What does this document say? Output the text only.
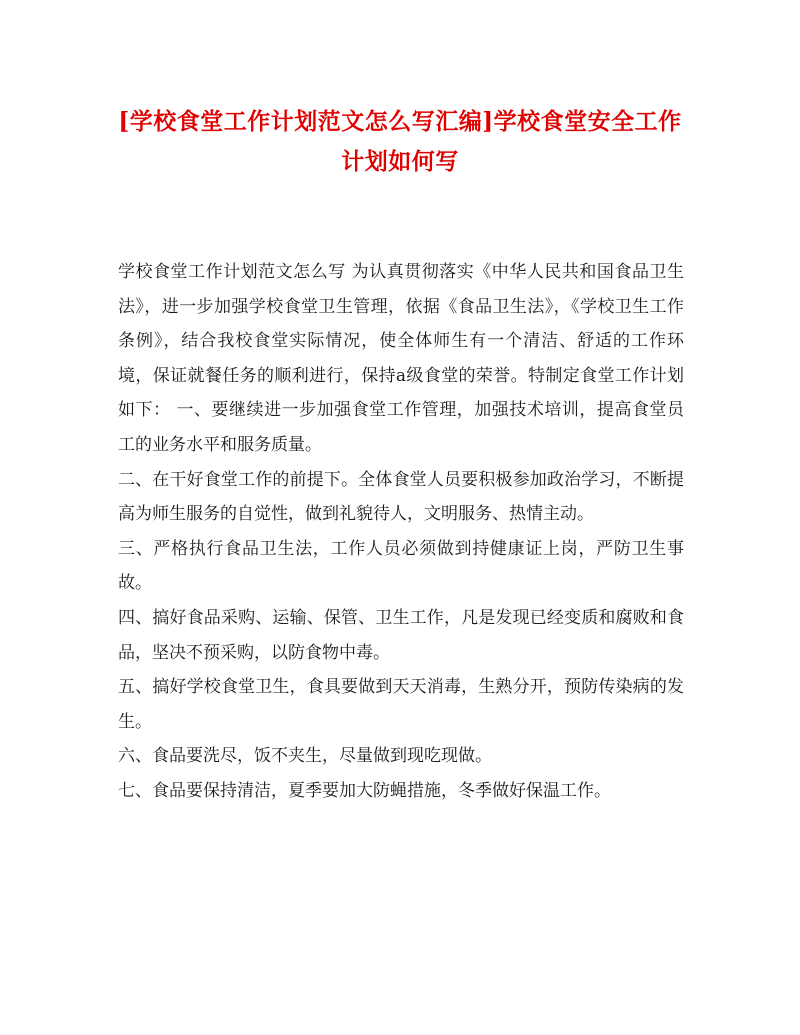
[学校食堂工作计划范文怎么写汇编]学校食堂安全工作计划如何写

学校食堂工作计划范文怎么写 为认真贯彻落实《中华人民共和国食品卫生法》，进一步加强学校食堂卫生管理，依据《食品卫生法》，《学校卫生工作条例》，结合我校食堂实际情况，使全体师生有一个清洁、舒适的工作环境，保证就餐任务的顺利进行，保持a级食堂的荣誉。特制定食堂工作计划如下： 一、要继续进一步加强食堂工作管理，加强技术培训，提高食堂员工的业务水平和服务质量。

二、在干好食堂工作的前提下。全体食堂人员要积极参加政治学习，不断提高为师生服务的自觉性，做到礼貌待人，文明服务、热情主动。

三、严格执行食品卫生法，工作人员必须做到持健康证上岗，严防卫生事故。

四、搞好食品采购、运输、保管、卫生工作，凡是发现已经变质和腐败和食品，坚决不预采购，以防食物中毒。

五、搞好学校食堂卫生，食具要做到天天消毒，生熟分开，预防传染病的发生。

六、食品要洗尽，饭不夹生，尽量做到现吃现做。

七、食品要保持清洁，夏季要加大防蝇措施，冬季做好保温工作。
